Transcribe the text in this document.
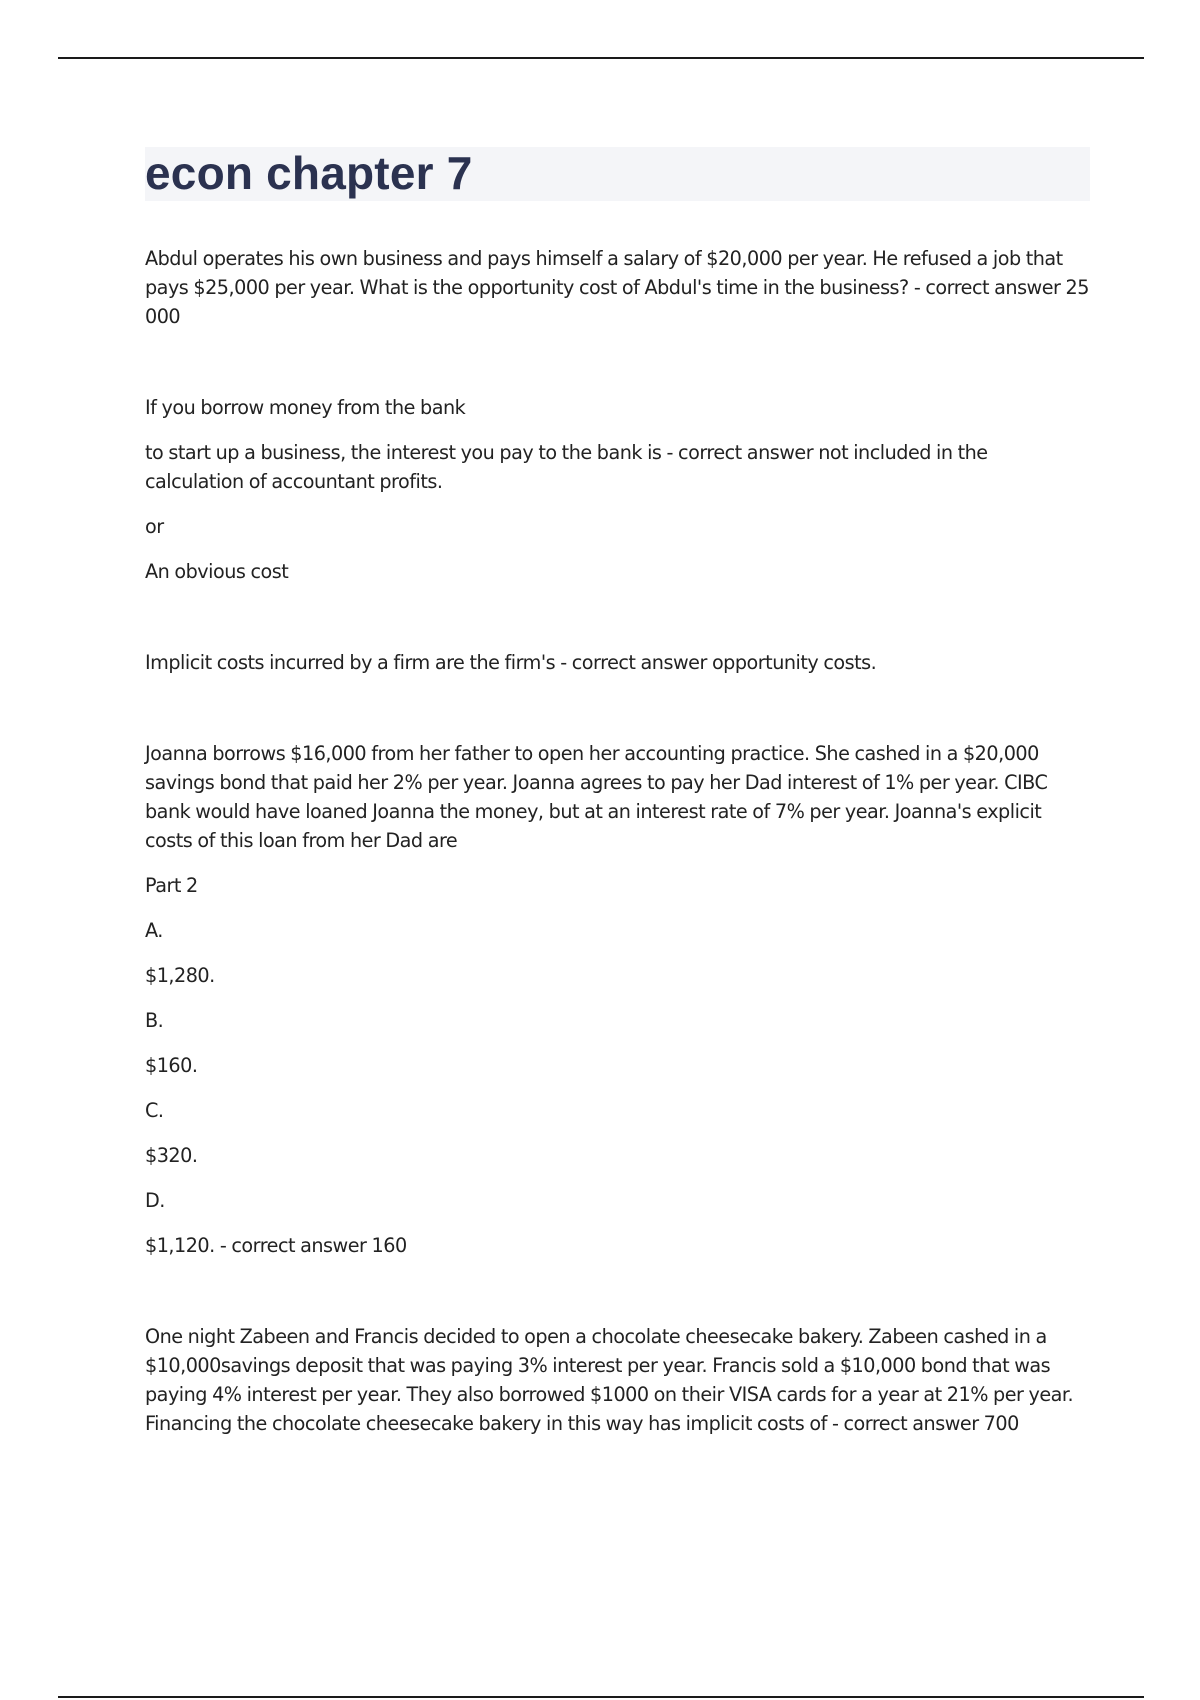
econ chapter 7

Abdul operates his own business and pays himself a salary of $20,000 per year. He refused a job that pays $25,000 per year. What is the opportunity cost of Abdul's time in the business? - correct answer 25 000

If you borrow money from the bank

to start up a business, the interest you pay to the bank is - correct answer not included in the calculation of accountant profits.

or

An obvious cost

Implicit costs incurred by a firm are the firm's - correct answer opportunity costs.

Joanna borrows $16,000 from her father to open her accounting practice. She cashed in a $20,000 savings bond that paid her 2% per year. Joanna agrees to pay her Dad interest of 1% per year. CIBC bank would have loaned Joanna the money, but at an interest rate of 7% per year. Joanna's explicit costs of this loan from her Dad are

Part 2

A.

$1,280.

B.

$160.

C.

$320.

D.

$1,120. - correct answer 160

One night Zabeen and Francis decided to open a chocolate cheesecake bakery. Zabeen cashed in a $10,000savings deposit that was paying 3% interest per year. Francis sold a $10,000 bond that was paying 4% interest per year. They also borrowed $1000 on their VISA cards for a year at 21% per year. Financing the chocolate cheesecake bakery in this way has implicit costs of - correct answer 700
